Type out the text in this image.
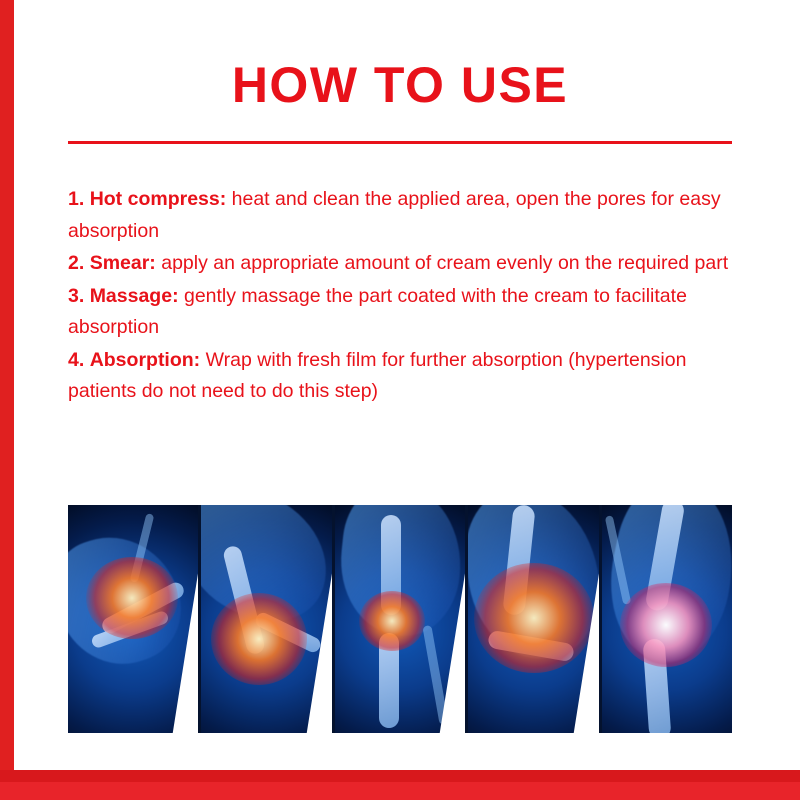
HOW TO USE

1. Hot compress: heat and clean the applied area, open the pores for easy absorption

2. Smear: apply an appropriate amount of cream evenly on the required part

3. Massage: gently massage the part coated with the cream to facilitate absorption

4. Absorption: Wrap with fresh film for further absorption (hypertension patients do not need to do this step)
